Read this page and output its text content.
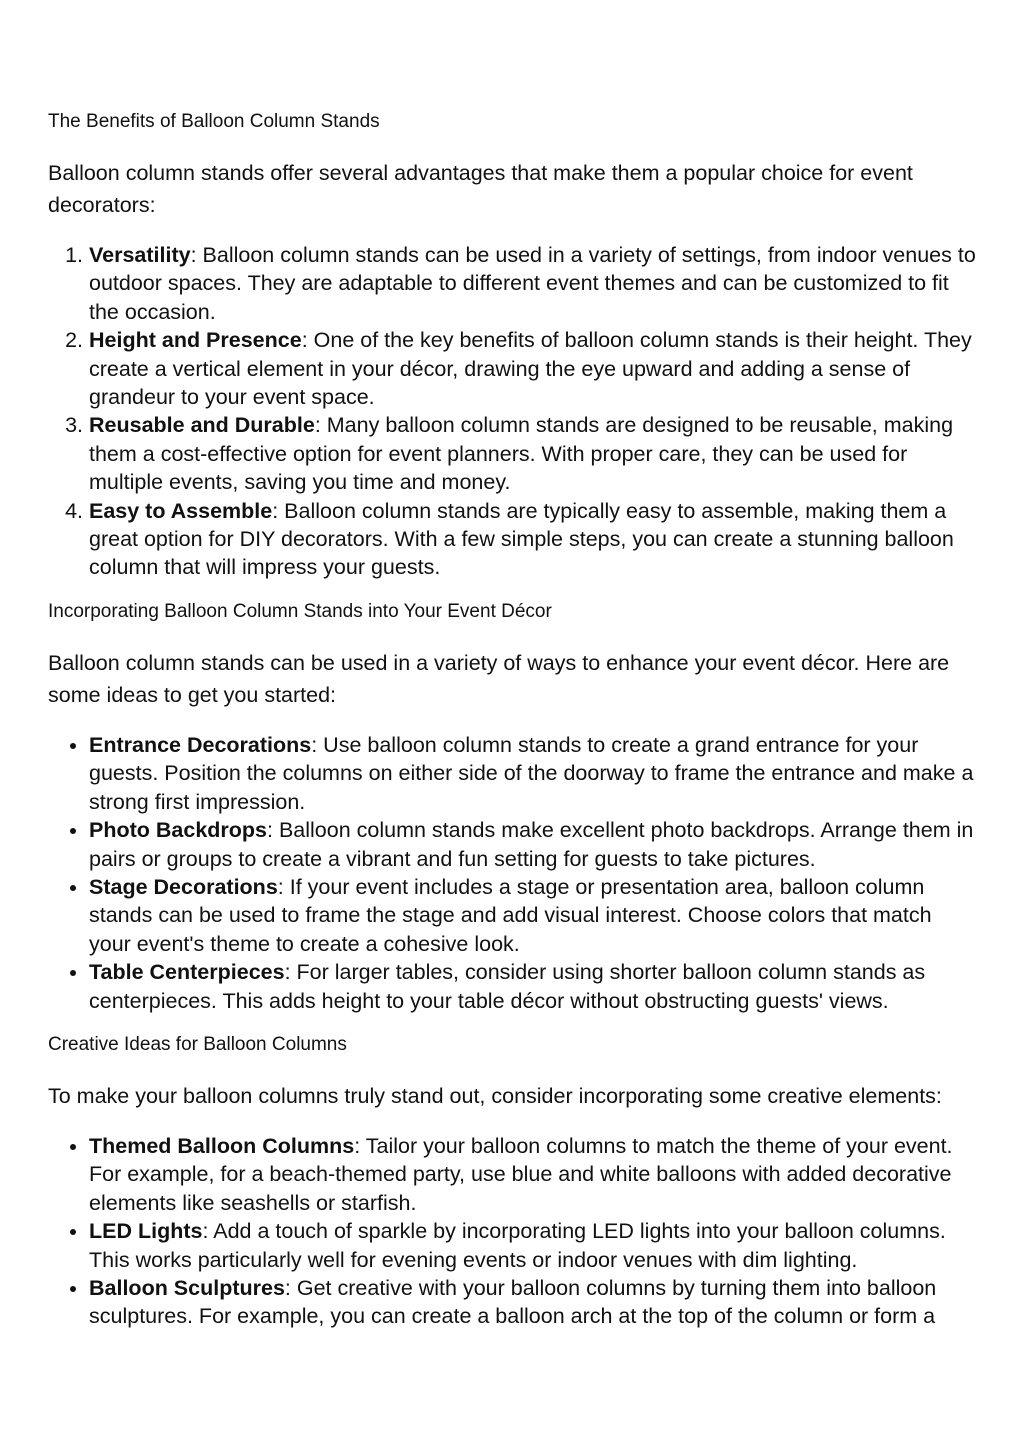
The Benefits of Balloon Column Stands

Balloon column stands offer several advantages that make them a popular choice for event decorators:

1. Versatility: Balloon column stands can be used in a variety of settings, from indoor venues to outdoor spaces. They are adaptable to different event themes and can be customized to fit the occasion.
2. Height and Presence: One of the key benefits of balloon column stands is their height. They create a vertical element in your décor, drawing the eye upward and adding a sense of grandeur to your event space.
3. Reusable and Durable: Many balloon column stands are designed to be reusable, making them a cost-effective option for event planners. With proper care, they can be used for multiple events, saving you time and money.
4. Easy to Assemble: Balloon column stands are typically easy to assemble, making them a great option for DIY decorators. With a few simple steps, you can create a stunning balloon column that will impress your guests.
Incorporating Balloon Column Stands into Your Event Décor

Balloon column stands can be used in a variety of ways to enhance your event décor. Here are some ideas to get you started:

• Entrance Decorations: Use balloon column stands to create a grand entrance for your guests. Position the columns on either side of the doorway to frame the entrance and make a strong first impression.
• Photo Backdrops: Balloon column stands make excellent photo backdrops. Arrange them in pairs or groups to create a vibrant and fun setting for guests to take pictures.
• Stage Decorations: If your event includes a stage or presentation area, balloon column stands can be used to frame the stage and add visual interest. Choose colors that match your event's theme to create a cohesive look.
• Table Centerpieces: For larger tables, consider using shorter balloon column stands as centerpieces. This adds height to your table décor without obstructing guests' views.
Creative Ideas for Balloon Columns

To make your balloon columns truly stand out, consider incorporating some creative elements:

• Themed Balloon Columns: Tailor your balloon columns to match the theme of your event. For example, for a beach-themed party, use blue and white balloons with added decorative elements like seashells or starfish.
• LED Lights: Add a touch of sparkle by incorporating LED lights into your balloon columns. This works particularly well for evening events or indoor venues with dim lighting.
• Balloon Sculptures: Get creative with your balloon columns by turning them into balloon sculptures. For example, you can create a balloon arch at the top of the column or form a
